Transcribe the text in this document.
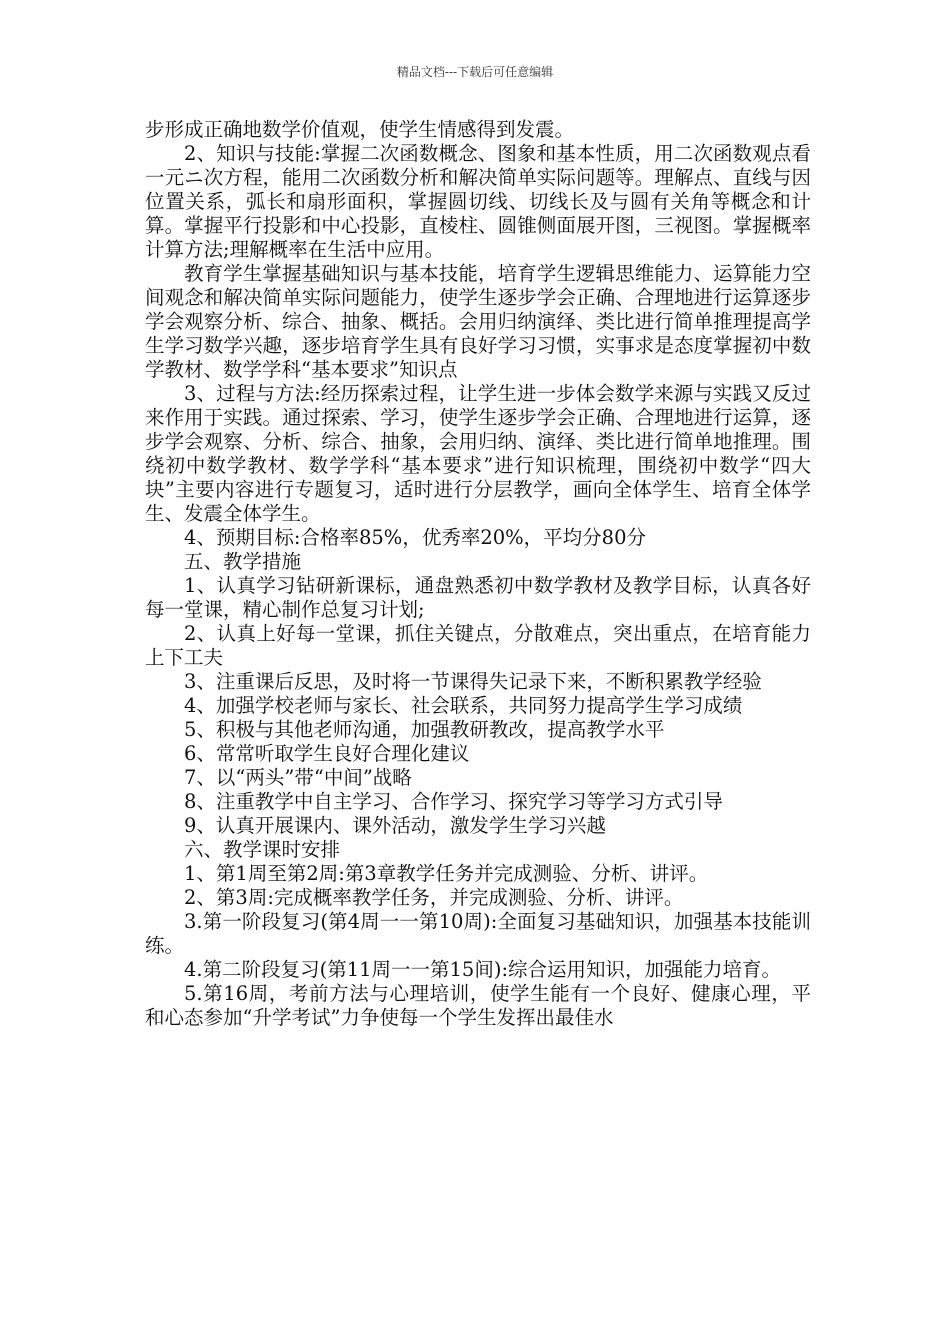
精品文档---下载后可任意编辑

步形成正确地数学价值观，使学生情感得到发震。

2、知识与技能:掌握二次函数概念、图象和基本性质，用二次函数观点看一元ニ次方程，能用二次函数分析和解决简单实际问题等。理解点、直线与因位置关系，弧长和扇形面积，掌握圆切线、切线长及与圆有关角等概念和计算。掌握平行投影和中心投影，直棱柱、圆锥侧面展开图，三视图。掌握概率计算方法;理解概率在生活中应用。

教育学生掌握基础知识与基本技能，培育学生逻辑思维能力、运算能力空间观念和解决简单实际问题能力，使学生逐步学会正确、合理地进行运算逐步学会观察分析、综合、抽象、概括。会用归纳演绎、类比进行简单推理提高学生学习数学兴趣，逐步培育学生具有良好学习习惯，实事求是态度掌握初中数学教材、数学学科“基本要求”知识点

3、过程与方法:经历探索过程，让学生进一步体会数学来源与实践又反过来作用于实践。通过探索、学习，使学生逐步学会正确、合理地进行运算，逐步学会观察、分析、综合、抽象，会用归纳、演绎、类比进行简单地推理。围绕初中数学教材、数学学科“基本要求”进行知识梳理，围绕初中数学“四大块”主要内容进行专题复习，适时进行分层教学，画向全体学生、培育全体学生、发震全体学生。

4、预期目标:合格率85%，优秀率20%，平均分80分

五、教学措施

1、认真学习钻研新课标，通盘熟悉初中数学教材及教学目标，认真各好每一堂课，精心制作总复习计划;

2、认真上好每一堂课，抓住关键点，分散难点，突出重点，在培育能力上下工夫

3、注重课后反思，及时将一节课得失记录下来，不断积累教学经验

4、加强学校老师与家长、社会联系，共同努力提高学生学习成绩

5、积极与其他老师沟通，加强教研教改，提高教学水平

6、常常听取学生良好合理化建议

7、以“两头”带“中间”战略

8、注重教学中自主学习、合作学习、探究学习等学习方式引导

9、认真开展课内、课外活动，激发学生学习兴越

六、教学课时安排

1、第1周至第2周:第3章教学任务并完成测验、分析、讲评。

2、第3周:完成概率教学任务，并完成测验、分析、讲评。

3.第一阶段复习(第4周一一第10周):全面复习基础知识，加强基本技能训练。

4.第二阶段复习(第11周一一第15间):综合运用知识，加强能力培育。

5.第16周，考前方法与心理培训，使学生能有一个良好、健康心理，平和心态参加“升学考试”力争使每一个学生发挥出最佳水
